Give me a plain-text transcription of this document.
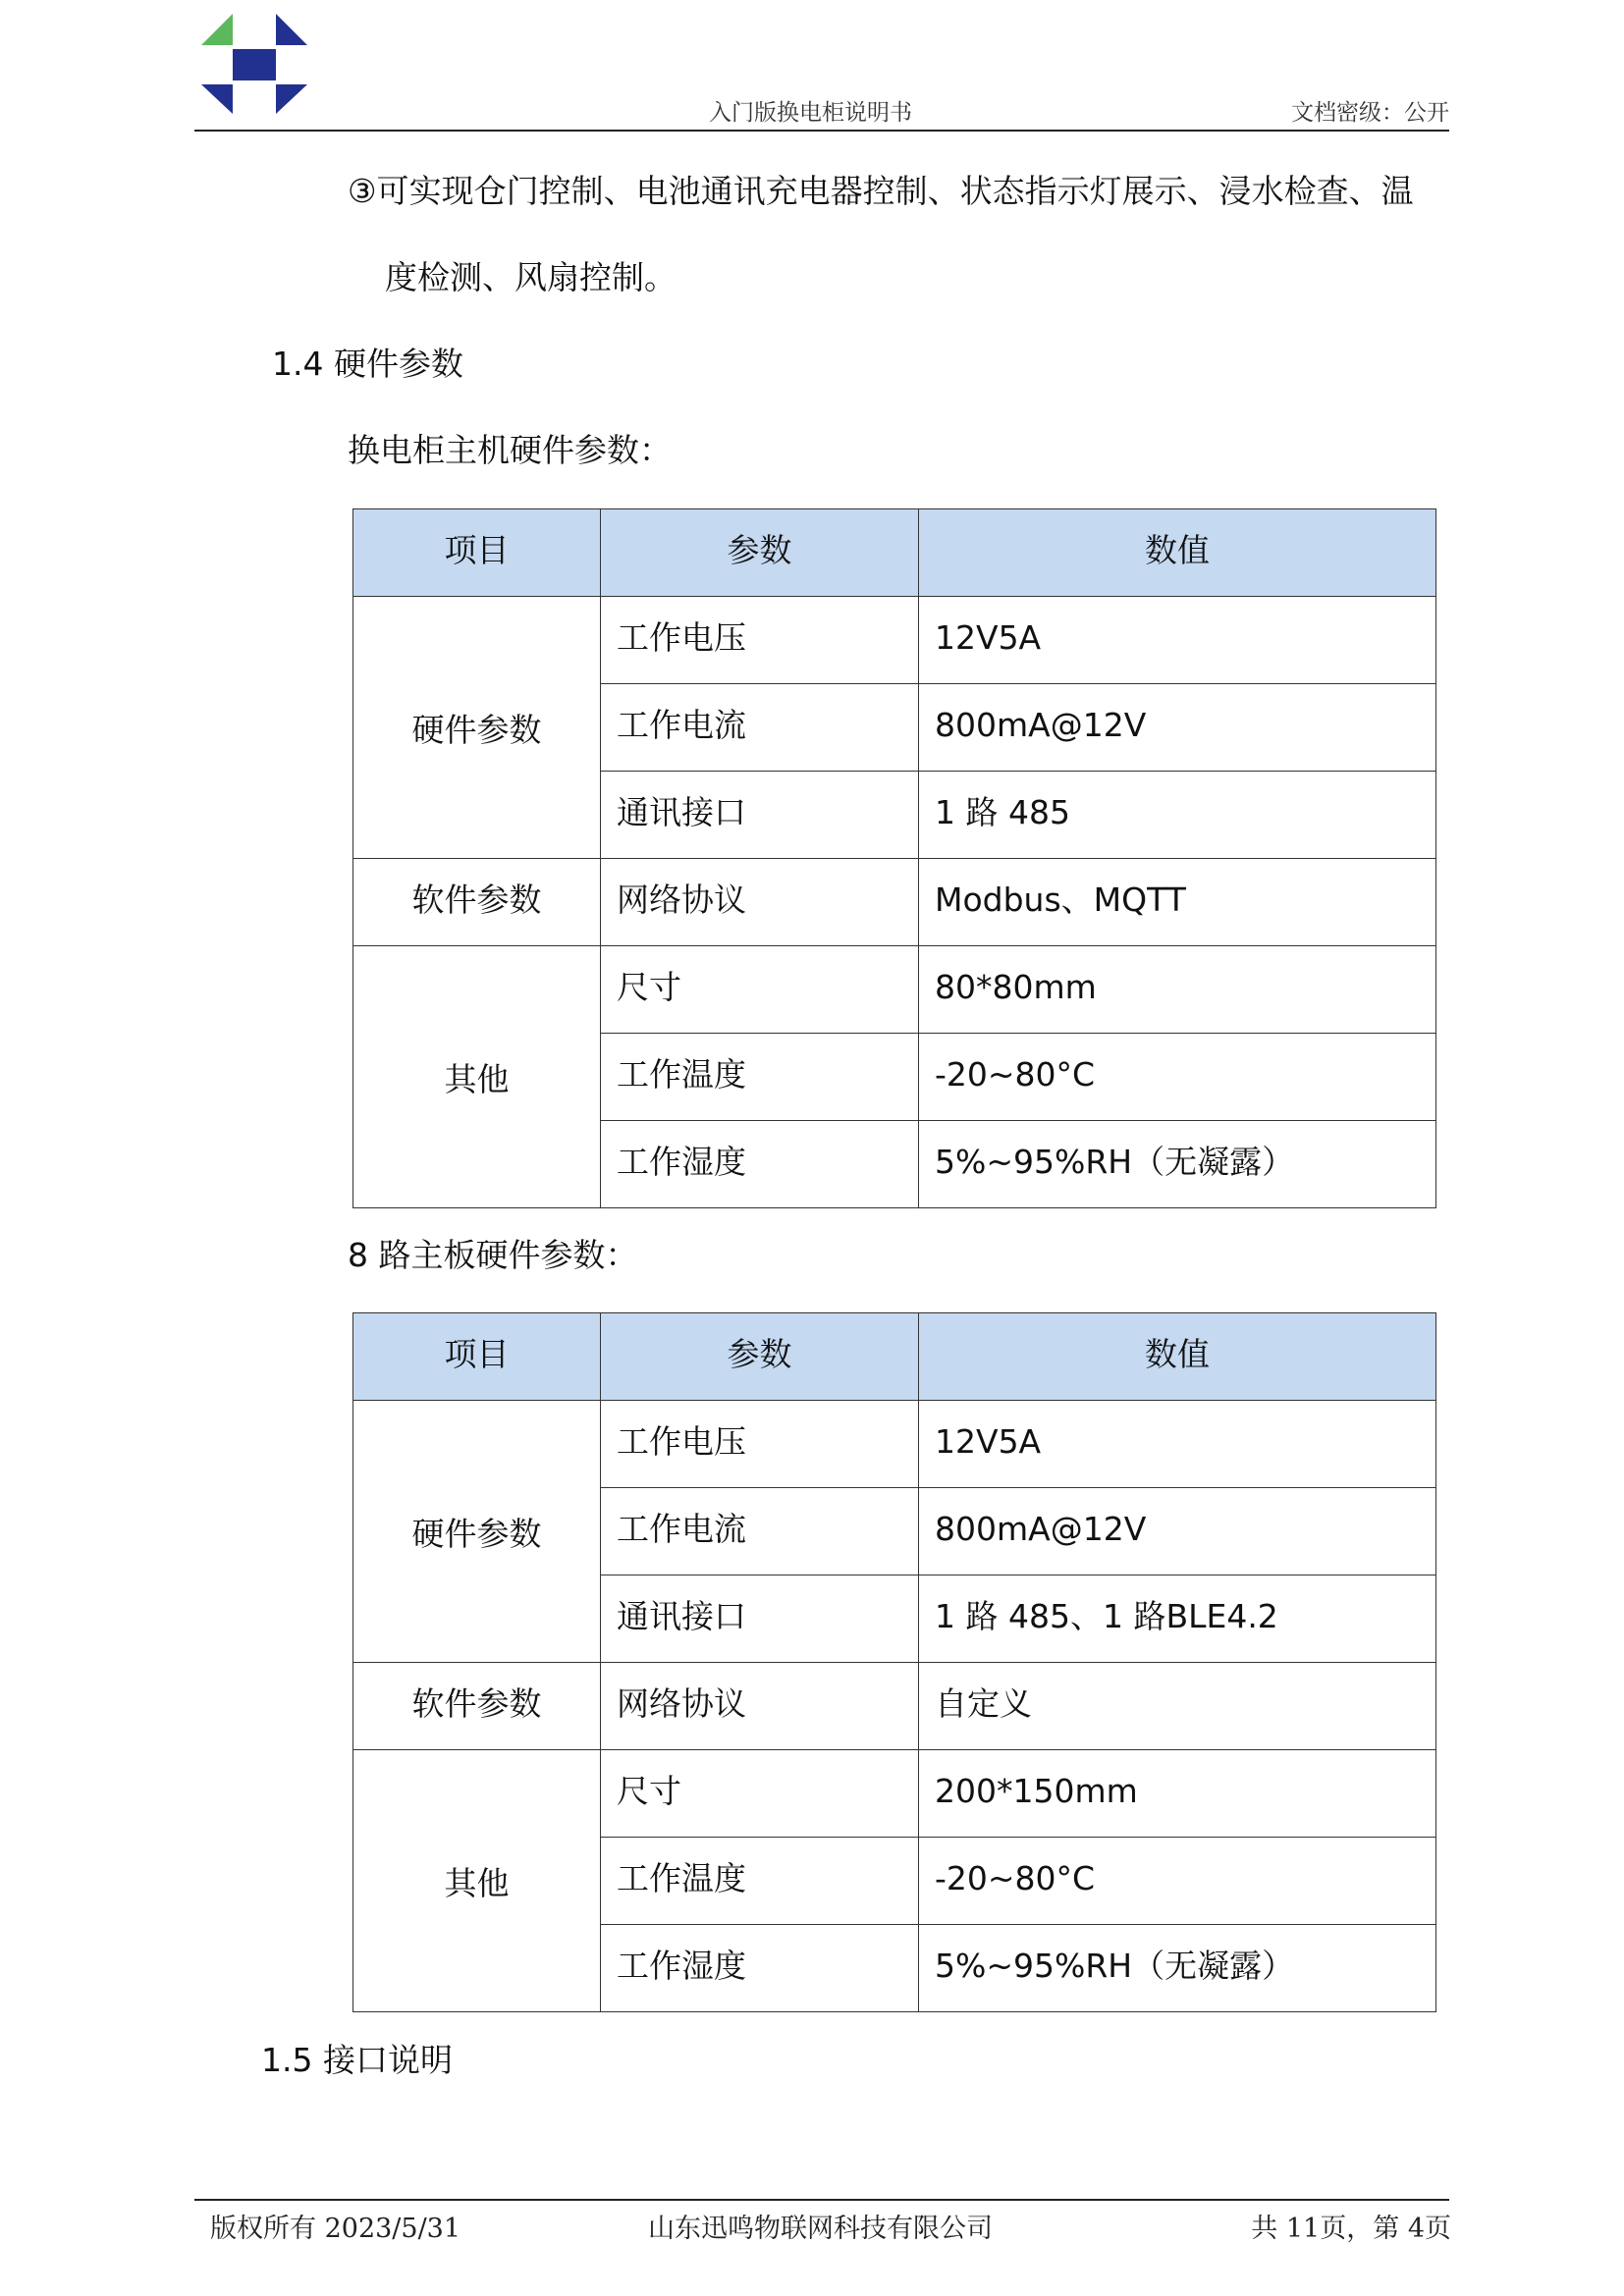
入门版换电柜说明书	文档密级：公开
③可实现仓门控制、电池通讯充电器控制、状态指示灯展示、浸水检查、温
度检测、风扇控制。
1.4 硬件参数
换电柜主机硬件参数：
项目	参数	数值

硬件参数	工作电压	12V5A

	工作电流	800mA@12V

	通讯接口	1 路 485

软件参数	网络协议	Modbus、MQTT

其他	尺寸	80*80mm

	工作温度	-20~80°C

	工作湿度	5%~95%RH（无凝露）
8 路主板硬件参数：
项目	参数	数值

硬件参数	工作电压	12V5A

	工作电流	800mA@12V

	通讯接口	1 路 485、1 路BLE4.2

软件参数	网络协议	自定义

其他	尺寸	200*150mm

	工作温度	-20~80°C

	工作湿度	5%~95%RH（无凝露）
1.5 接口说明
版权所有 2023/5/31	山东迅鸣物联网科技有限公司	共 11页，第 4页
